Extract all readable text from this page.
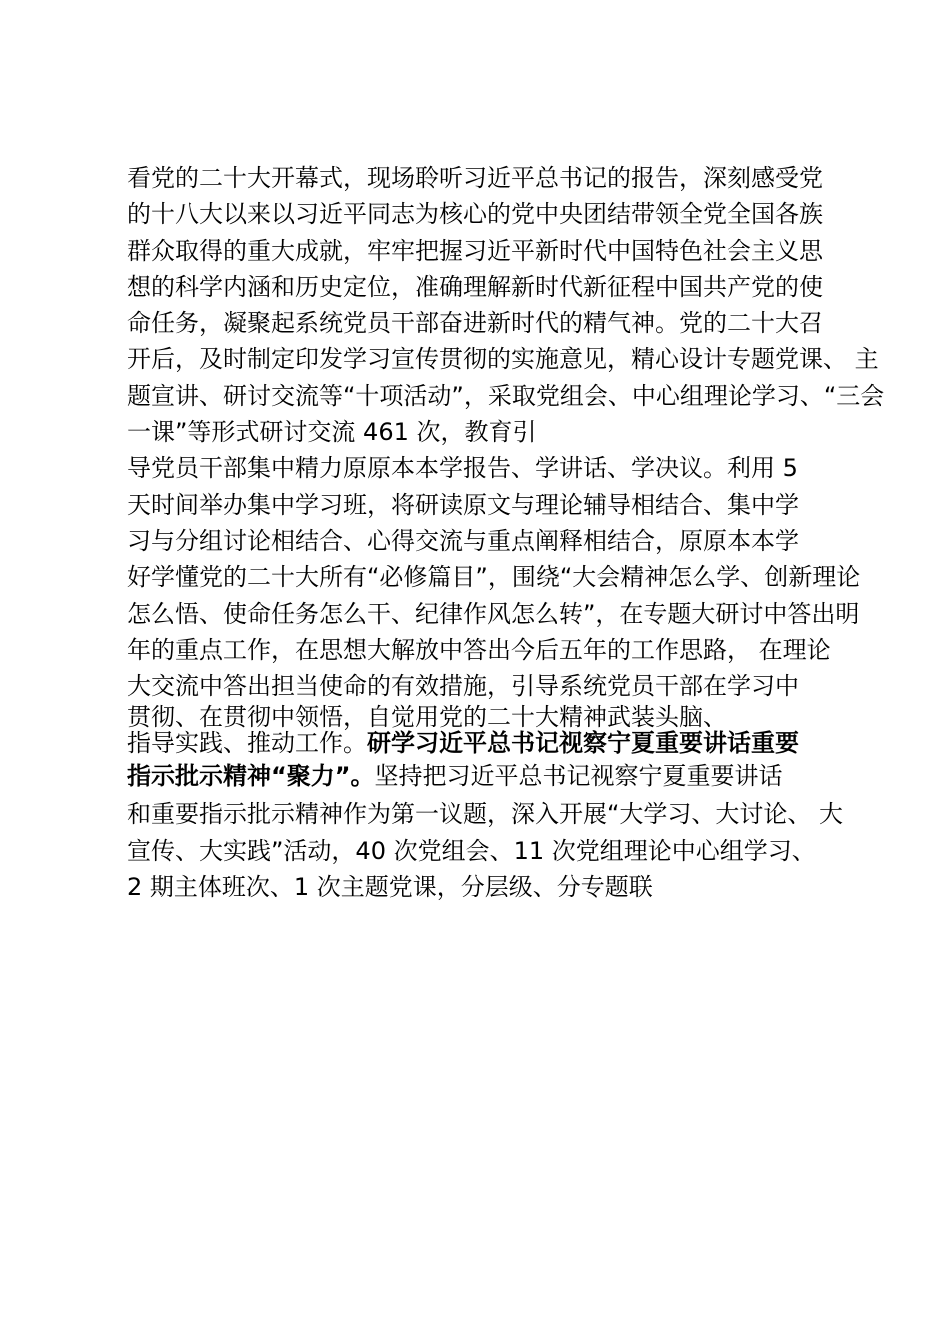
看党的二十大开幕式，现场聆听习近平总书记的报告，深刻感受党
的十八大以来以习近平同志为核心的党中央团结带领全党全国各族
群众取得的重大成就，牢牢把握习近平新时代中国特色社会主义思
想的科学内涵和历史定位，准确理解新时代新征程中国共产党的使
命任务，凝聚起系统党员干部奋进新时代的精气神。党的二十大召
开后，及时制定印发学习宣传贯彻的实施意见，精心设计专题党课、 主
题宣讲、研讨交流等“十项活动”，采取党组会、中心组理论学习、“三会
一课”等形式研讨交流 461 次，教育引
导党员干部集中精力原原本本学报告、学讲话、学决议。利用 5
天时间举办集中学习班，将研读原文与理论辅导相结合、集中学
习与分组讨论相结合、心得交流与重点阐释相结合，原原本本学
好学懂党的二十大所有“必修篇目”，围绕“大会精神怎么学、创新理论
怎么悟、使命任务怎么干、纪律作风怎么转”，在专题大研讨中答出明
年的重点工作，在思想大解放中答出今后五年的工作思路， 在理论
大交流中答出担当使命的有效措施，引导系统党员干部在学习中
贯彻、在贯彻中领悟，自觉用党的二十大精神武装头脑、
指导实践、推动工作。研学习近平总书记视察宁夏重要讲话重要
指示批示精神“聚力”。坚持把习近平总书记视察宁夏重要讲话
和重要指示批示精神作为第一议题，深入开展“大学习、大讨论、 大
宣传、大实践”活动，40 次党组会、11 次党组理论中心组学习、
2 期主体班次、1 次主题党课，分层级、分专题联
